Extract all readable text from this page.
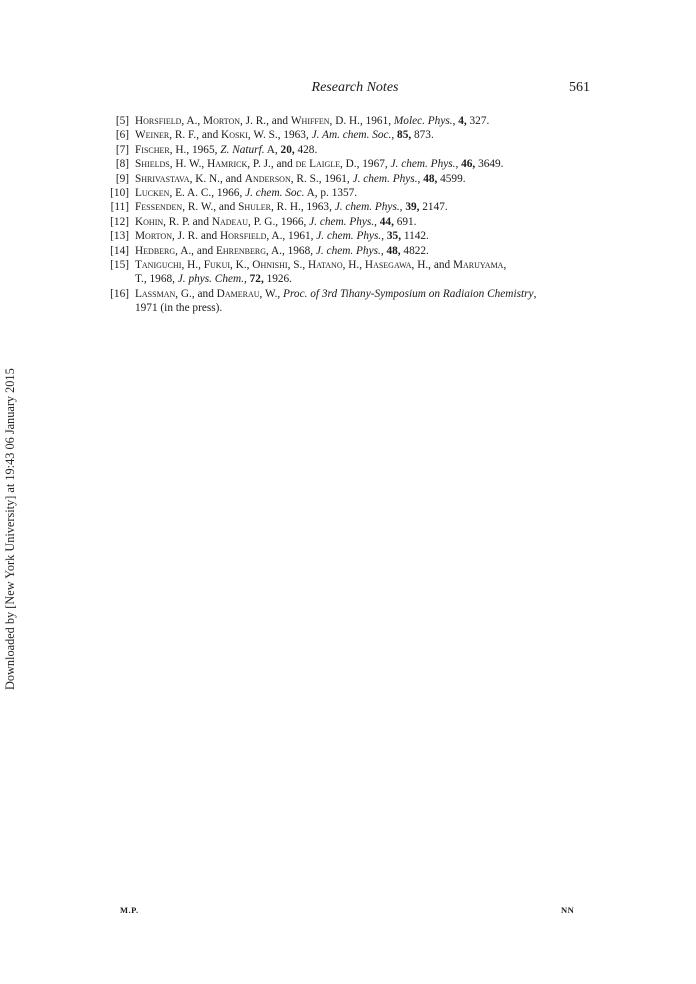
Downloaded by [New York University] at 19:43 06 January 2015
Research Notes	561
[5] Horsfield, A., Morton, J. R., and Whiffen, D. H., 1961, Molec. Phys., 4, 327.
[6] Weiner, R. F., and Koski, W. S., 1963, J. Am. chem. Soc., 85, 873.
[7] Fischer, H., 1965, Z. Naturf. A, 20, 428.
[8] Shields, H. W., Hamrick, P. J., and de Laigle, D., 1967, J. chem. Phys., 46, 3649.
[9] Shrivastava, K. N., and Anderson, R. S., 1961, J. chem. Phys., 48, 4599.
[10] Lucken, E. A. C., 1966, J. chem. Soc. A, p. 1357.
[11] Fessenden, R. W., and Shuler, R. H., 1963, J. chem. Phys., 39, 2147.
[12] Kohin, R. P. and Nadeau, P. G., 1966, J. chem. Phys., 44, 691.
[13] Morton, J. R. and Horsfield, A., 1961, J. chem. Phys., 35, 1142.
[14] Hedberg, A., and Ehrenberg, A., 1968, J. chem. Phys., 48, 4822.
[15] Taniguchi, H., Fukui, K., Ohnishi, S., Hatano, H., Hasegawa, H., and Maruyama,
T., 1968, J. phys. Chem., 72, 1926.
[16] Lassman, G., and Damerau, W., Proc. of 3rd Tihany-Symposium on Radiaion Chemistry,
1971 (in the press).
M.P.	NN
